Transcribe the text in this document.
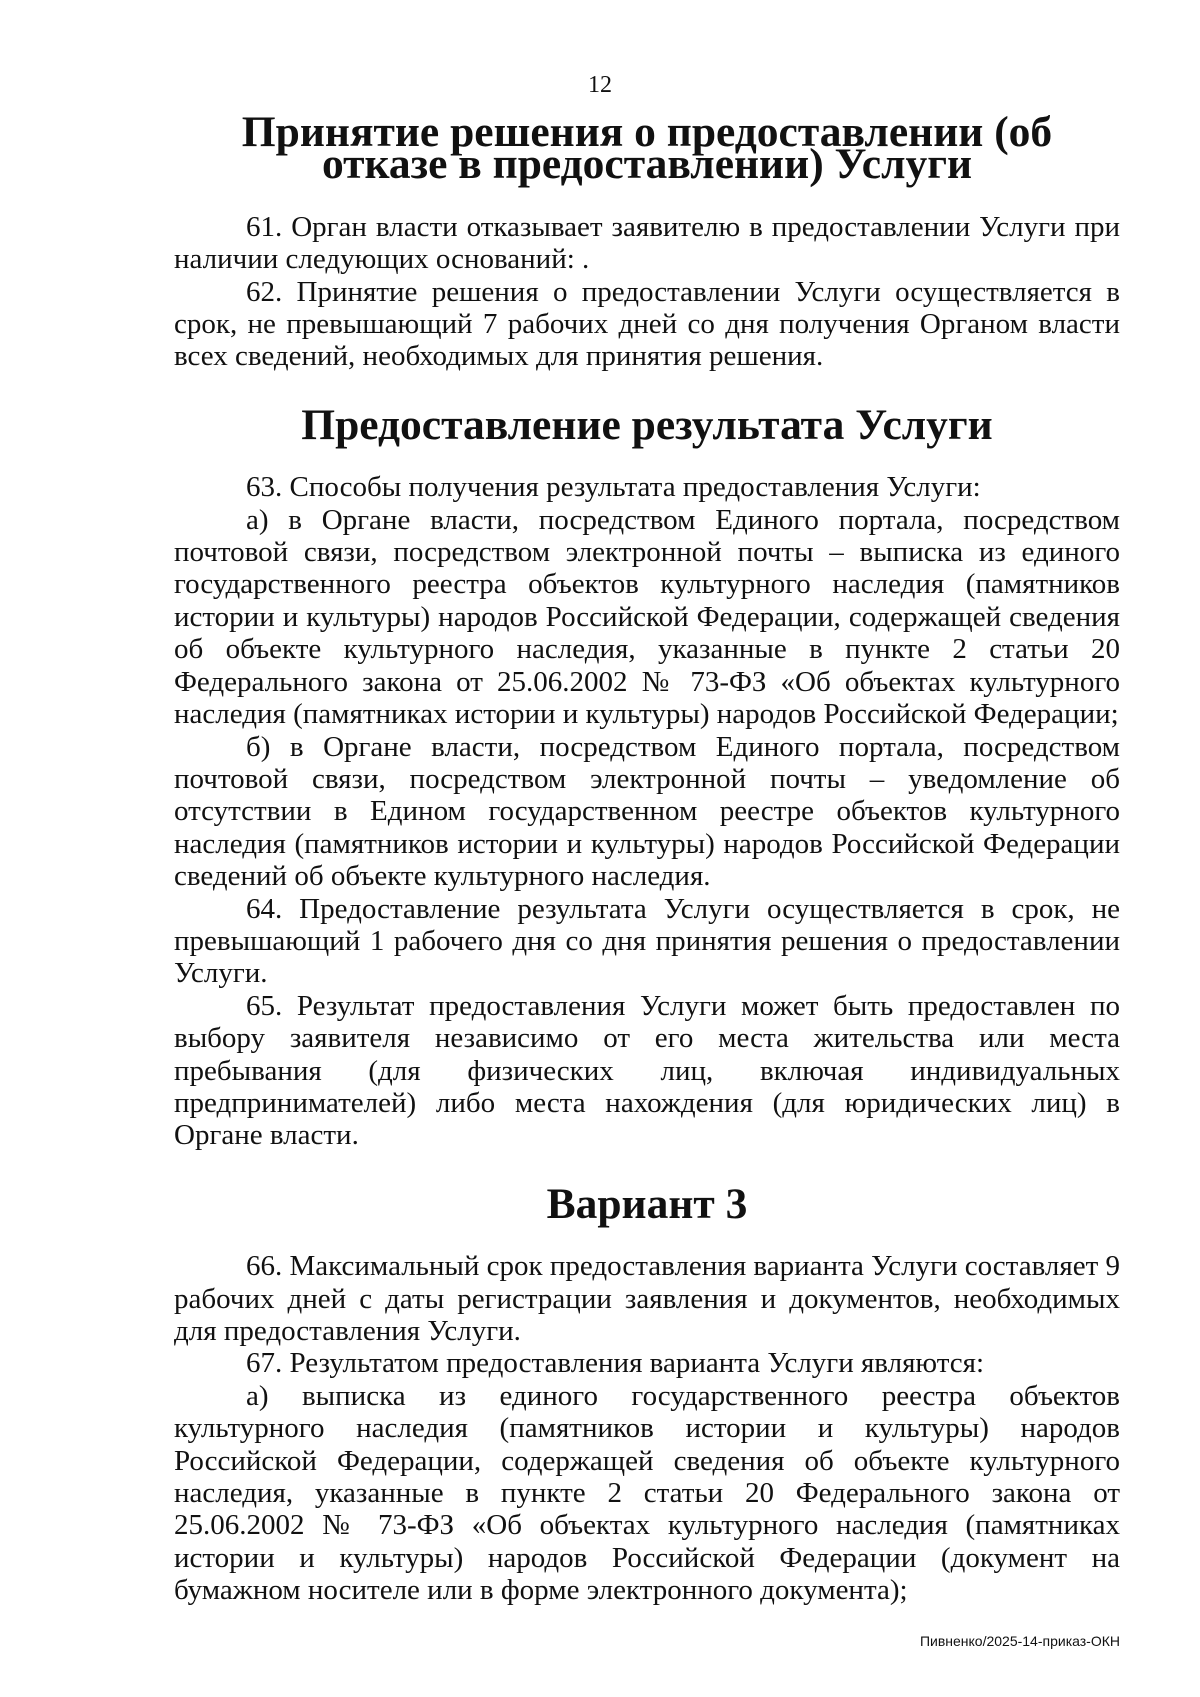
12
Принятие решения о предоставлении (об отказе в предоставлении) Услуги

61. Орган власти отказывает заявителю в предоставлении Услуги при наличии следующих оснований: .

62. Принятие решения о предоставлении Услуги осуществляется в срок, не превышающий 7 рабочих дней со дня получения Органом власти всех сведений, необходимых для принятия решения.

Предоставление результата Услуги

63. Способы получения результата предоставления Услуги:

а) в Органе власти, посредством Единого портала, посредством почтовой связи, посредством электронной почты – выписка из единого государственного реестра объектов культурного наследия (памятников истории и культуры) народов Российской Федерации, содержащей сведения об объекте культурного наследия, указанные в пункте 2 статьи 20 Федерального закона от 25.06.2002 № 73-ФЗ «Об объектах культурного наследия (памятниках истории и культуры) народов Российской Федерации;

б) в Органе власти, посредством Единого портала, посредством почтовой связи, посредством электронной почты – уведомление об отсутствии в Едином государственном реестре объектов культурного наследия (памятников истории и культуры) народов Российской Федерации сведений об объекте культурного наследия.

64. Предоставление результата Услуги осуществляется в срок, не превышающий 1 рабочего дня со дня принятия решения о предоставлении Услуги.

65. Результат предоставления Услуги может быть предоставлен по выбору заявителя независимо от его места жительства или места пребывания (для физических лиц, включая индивидуальных предпринимателей) либо места нахождения (для юридических лиц) в Органе власти.

Вариант 3

66. Максимальный срок предоставления варианта Услуги составляет 9 рабочих дней с даты регистрации заявления и документов, необходимых для предоставления Услуги.

67. Результатом предоставления варианта Услуги являются:

а) выписка из единого государственного реестра объектов культурного наследия (памятников истории и культуры) народов Российской Федерации, содержащей сведения об объекте культурного наследия, указанные в пункте 2 статьи 20 Федерального закона от 25.06.2002 № 73-ФЗ «Об объектах культурного наследия (памятниках истории и культуры) народов Российской Федерации (документ на бумажном носителе или в форме электронного документа);

Пивненко/2025-14-приказ-ОКН
